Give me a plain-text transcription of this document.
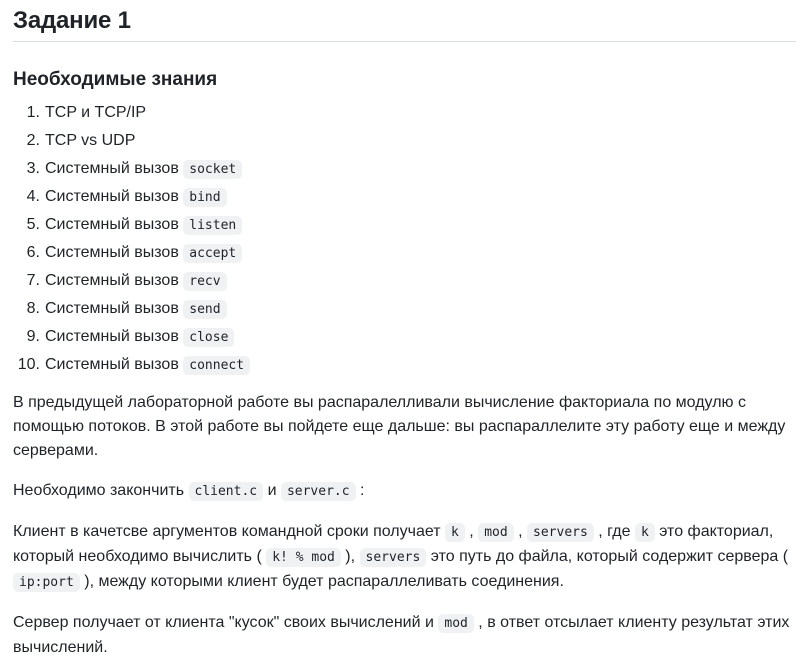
Задание 1
Необходимые знания
1. TCP и TCP/IP
2. TCP vs UDP
3. Системный вызов socket
4. Системный вызов bind
5. Системный вызов listen
6. Системный вызов accept
7. Системный вызов recv
8. Системный вызов send
9. Системный вызов close
10. Системный вызов connect

В предыдущей лабораторной работе вы распаралелливали вычисление факториала по модулю с помощью потоков. В этой работе вы пойдете еще дальше: вы распараллелите эту работу еще и между серверами.

Необходимо закончить client.c и server.c :

Клиент в качетсве аргументов командной сроки получает k , mod , servers , где k это факториал, который необходимо вычислить ( k! % mod ), servers это путь до файла, который содержит сервера ( ip:port ), между которыми клиент будет распараллеливать соединения.

Сервер получает от клиента "кусок" своих вычислений и mod , в ответ отсылает клиенту результат этих вычислений.
